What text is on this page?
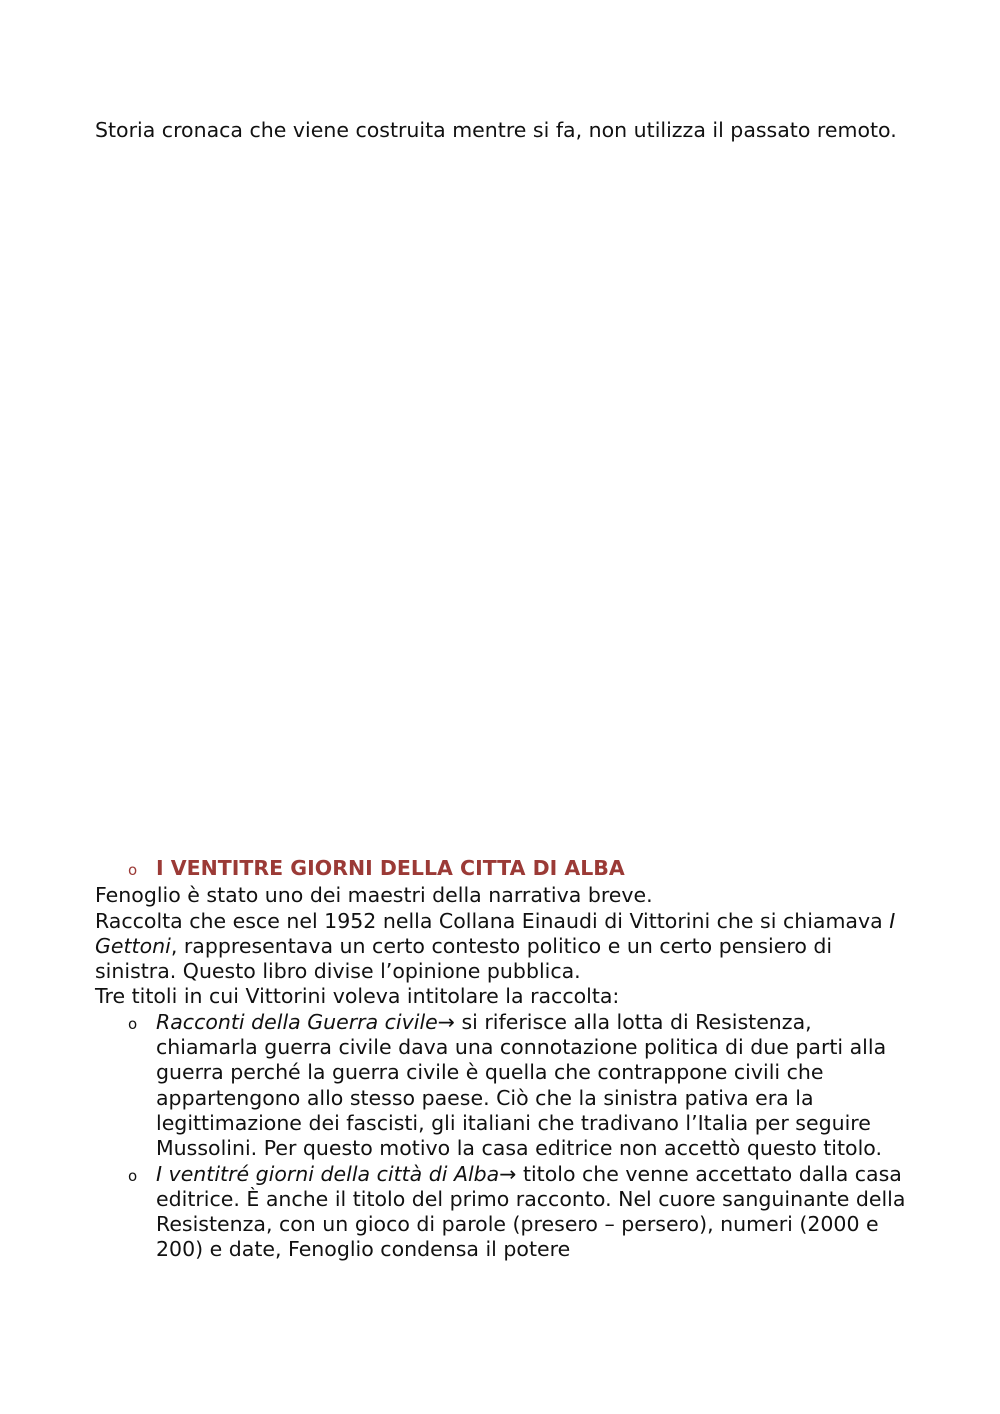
Storia cronaca che viene costruita mentre si fa, non utilizza il passato remoto.

o I VENTITRE GIORNI DELLA CITTA DI ALBA

Fenoglio è stato uno dei maestri della narrativa breve.

Raccolta che esce nel 1952 nella Collana Einaudi di Vittorini che si chiamava I Gettoni, rappresentava un certo contesto politico e un certo pensiero di sinistra. Questo libro divise l’opinione pubblica.

Tre titoli in cui Vittorini voleva intitolare la raccolta:

o Racconti della Guerra civile→ si riferisce alla lotta di Resistenza, chiamarla guerra civile dava una connotazione politica di due parti alla guerra perché la guerra civile è quella che contrappone civili che appartengono allo stesso paese. Ciò che la sinistra pativa era la legittimazione dei fascisti, gli italiani che tradivano l’Italia per seguire Mussolini. Per questo motivo la casa editrice non accettò questo titolo.
o I ventitré giorni della città di Alba→ titolo che venne accettato dalla casa editrice. È anche il titolo del primo racconto. Nel cuore sanguinante della Resistenza, con un gioco di parole (presero – persero), numeri (2000 e 200) e date, Fenoglio condensa il potere
